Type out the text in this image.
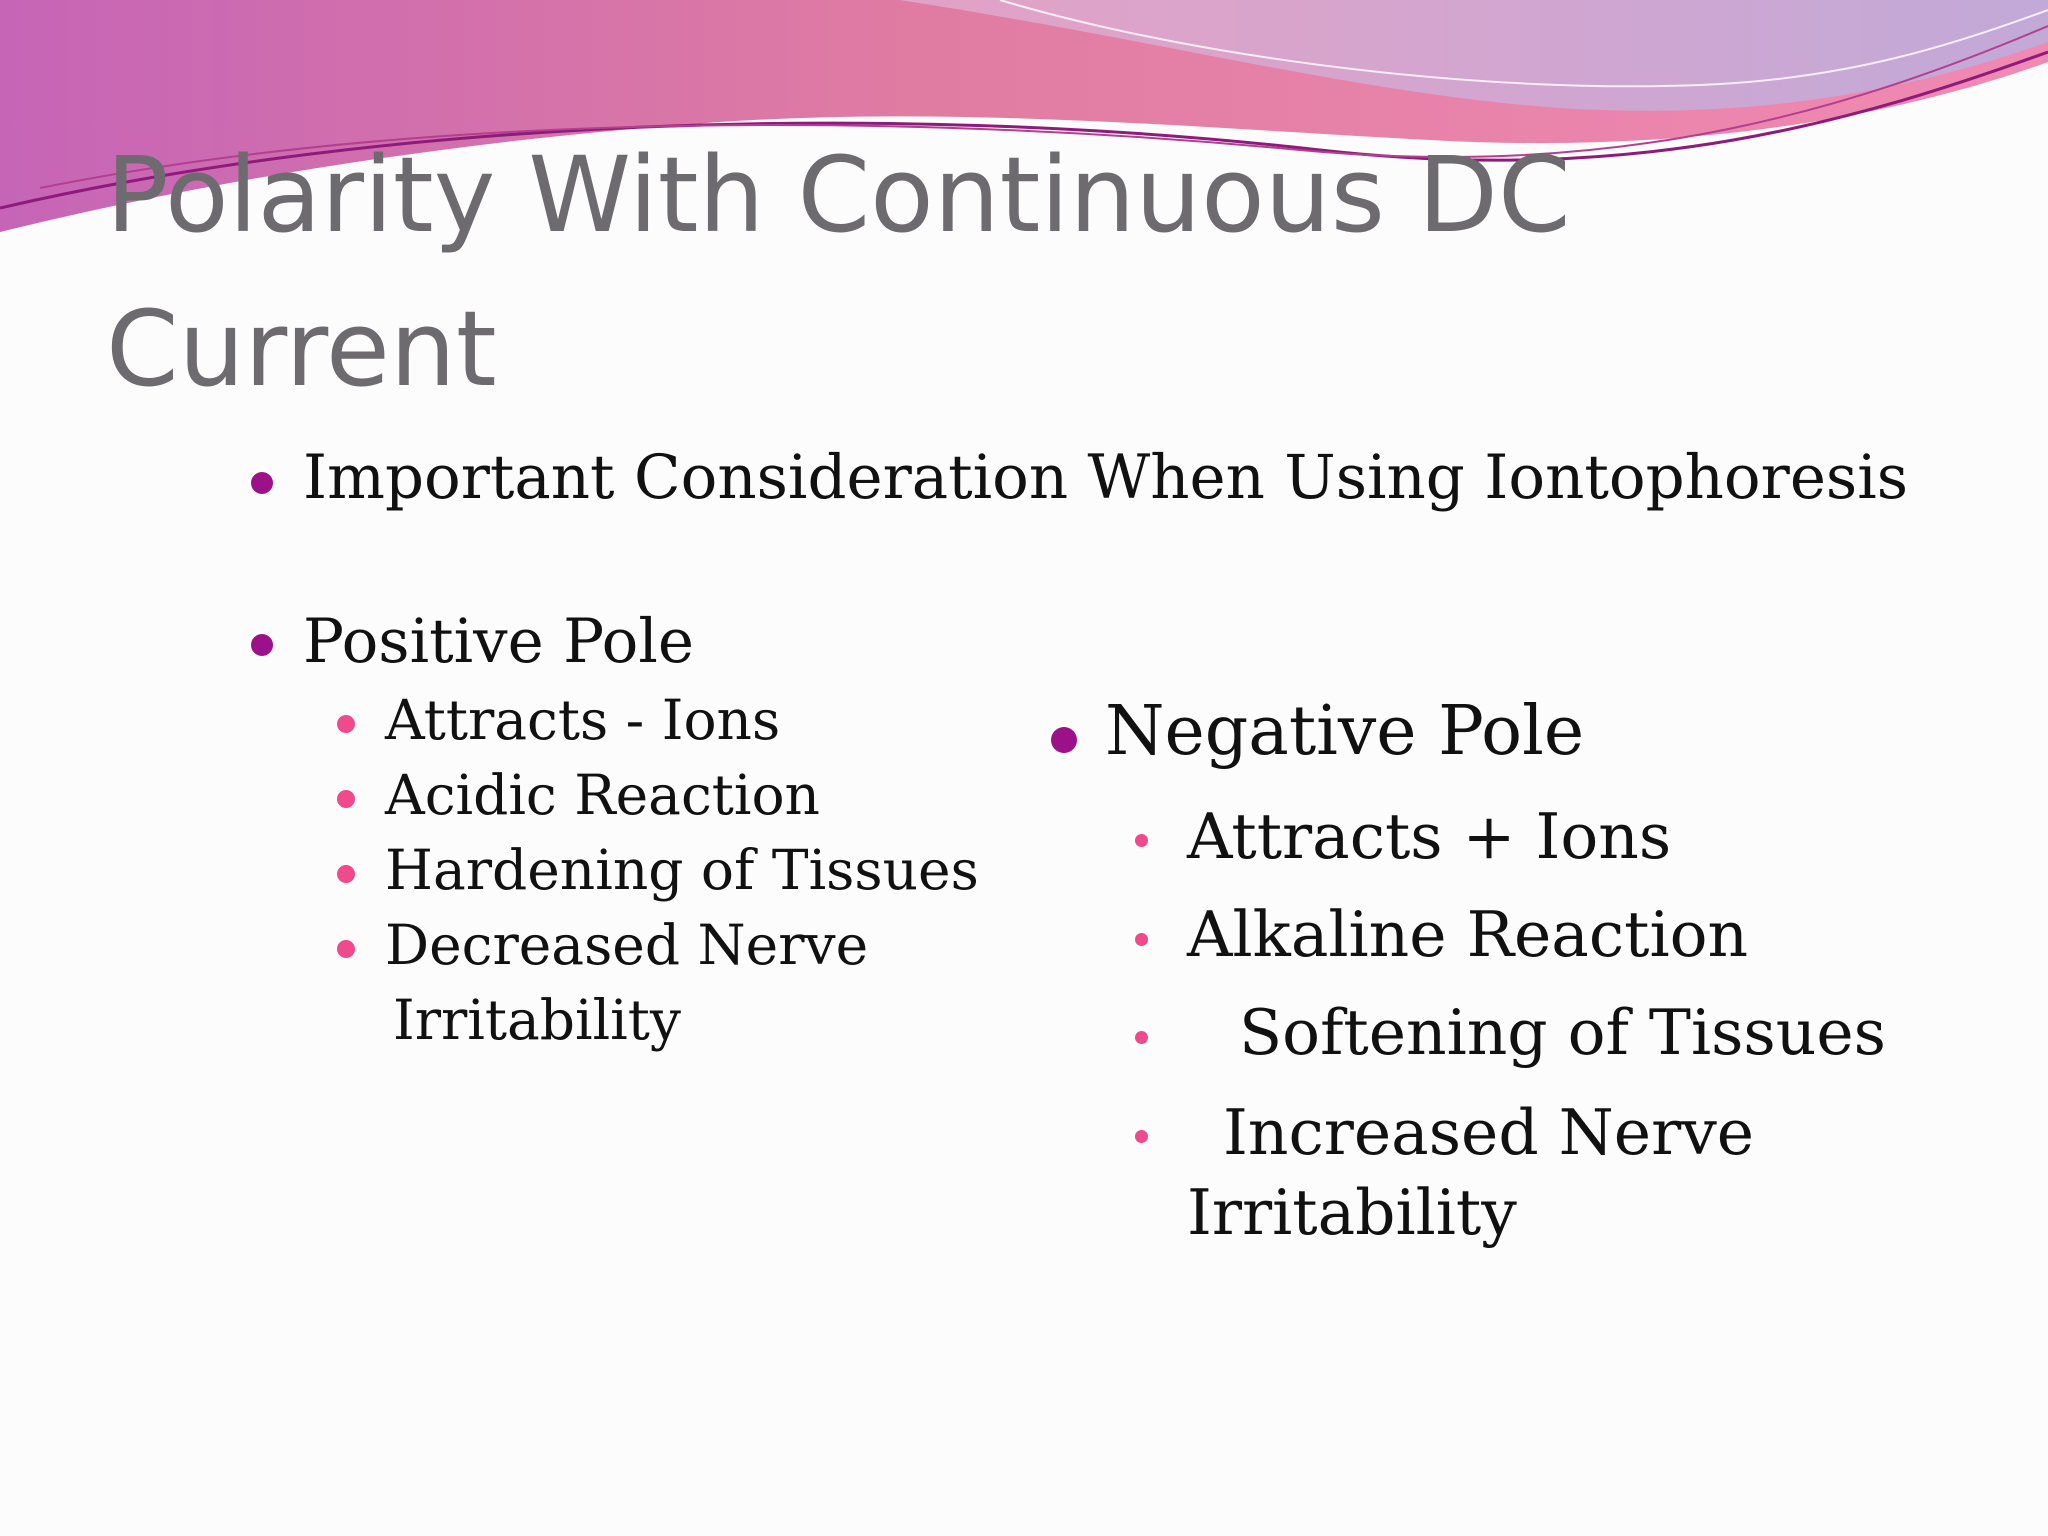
Polarity With Continuous DC
Current
Important Consideration When Using Iontophoresis
Positive Pole
Attracts - Ions
Acidic Reaction
Hardening of Tissues
Decreased Nerve
Irritability
Negative Pole
Attracts + Ions
Alkaline Reaction
Softening of Tissues
Increased Nerve
Irritability
